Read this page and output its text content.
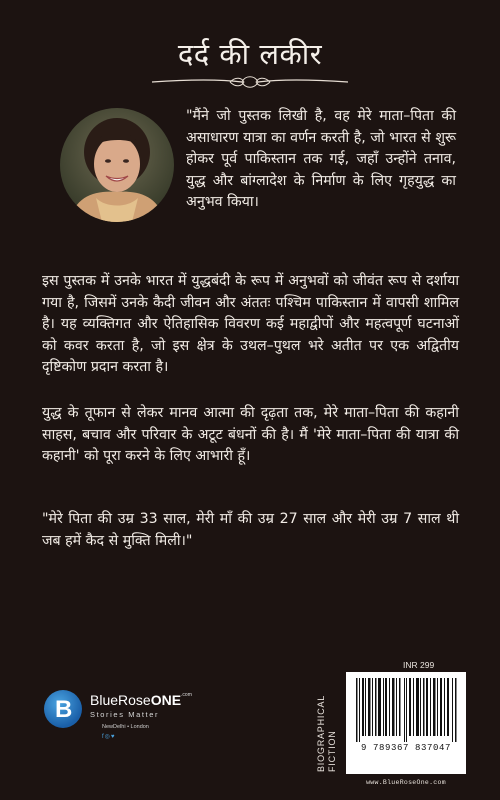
दर्द की लकीर

"मैंने जो पुस्तक लिखी है, वह मेरे माता–पिता की असाधारण यात्रा का वर्णन करती है, जो भारत से शुरू होकर पूर्व पाकिस्तान तक गई, जहाँ उन्होंने तनाव, युद्ध और बांग्लादेश के निर्माण के लिए गृहयुद्ध का अनुभव किया।

इस पुस्तक में उनके भारत में युद्धबंदी के रूप में अनुभवों को जीवंत रूप से दर्शाया गया है, जिसमें उनके कैदी जीवन और अंततः पश्चिम पाकिस्तान में वापसी शामिल है। यह व्यक्तिगत और ऐतिहासिक विवरण कई महाद्वीपों और महत्वपूर्ण घटनाओं को कवर करता है, जो इस क्षेत्र के उथल–पुथल भरे अतीत पर एक अद्वितीय दृष्टिकोण प्रदान करता है।

युद्ध के तूफान से लेकर मानव आत्मा की दृढ़ता तक, मेरे माता–पिता की कहानी साहस, बचाव और परिवार के अटूट बंधनों की है। मैं 'मेरे माता–पिता की यात्रा की कहानी' को पूरा करने के लिए आभारी हूँ।

"मेरे पिता की उम्र 33 साल, मेरी माँ की उम्र 27 साल और मेरी उम्र 7 साल थी जब हमें कैद से मुक्ति मिली।"

B BlueRoseONE$^{.com}$
Stories Matter
NewDelhi • London
f◎♥	BIOGRAPHICAL FICTION
INR 299
9 789367 837047
www.BlueRoseOne.com
